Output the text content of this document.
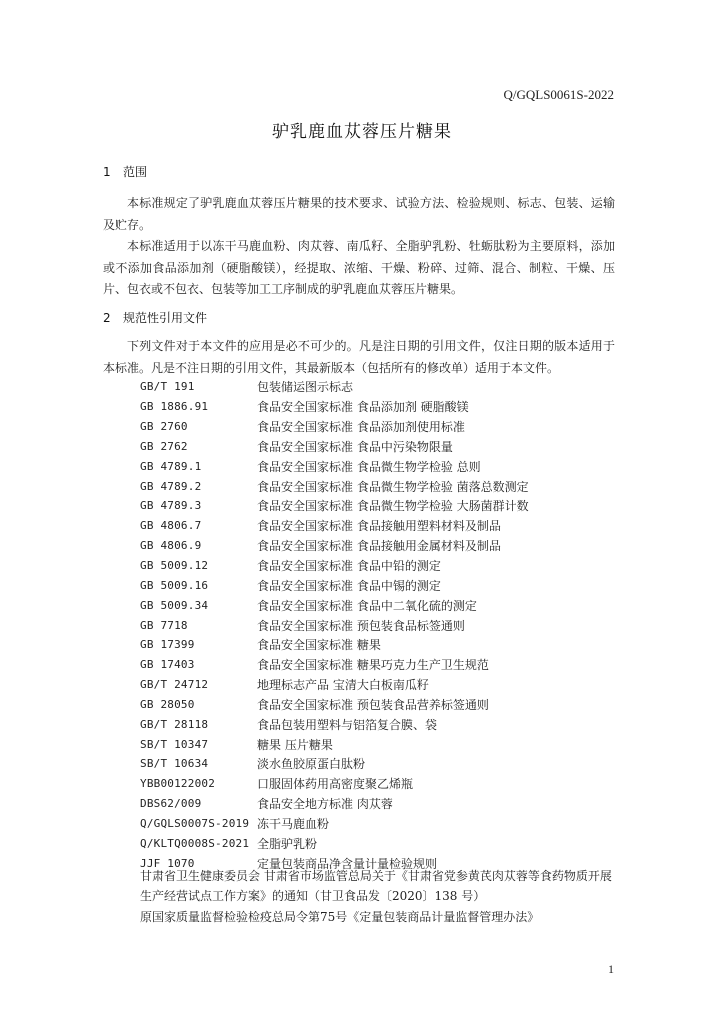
Q/GQLS0061S-2022
驴乳鹿血苁蓉压片糖果
1 范围
本标准规定了驴乳鹿血苁蓉压片糖果的技术要求、试验方法、检验规则、标志、包装、运输及贮存。
本标准适用于以冻干马鹿血粉、肉苁蓉、南瓜籽、全脂驴乳粉、牡蛎肽粉为主要原料，添加或不添加食品添加剂（硬脂酸镁），经提取、浓缩、干燥、粉碎、过筛、混合、制粒、干燥、压片、包衣或不包衣、包装等加工工序制成的驴乳鹿血苁蓉压片糖果。
2 规范性引用文件
下列文件对于本文件的应用是必不可少的。凡是注日期的引用文件，仅注日期的版本适用于本标准。凡是不注日期的引用文件，其最新版本（包括所有的修改单）适用于本文件。
GB/T 191	包装储运图示标志
GB 1886.91	食品安全国家标准 食品添加剂 硬脂酸镁
GB 2760	食品安全国家标准 食品添加剂使用标准
GB 2762	食品安全国家标准 食品中污染物限量
GB 4789.1	食品安全国家标准 食品微生物学检验 总则
GB 4789.2	食品安全国家标准 食品微生物学检验 菌落总数测定
GB 4789.3	食品安全国家标准 食品微生物学检验 大肠菌群计数
GB 4806.7	食品安全国家标准 食品接触用塑料材料及制品
GB 4806.9	食品安全国家标准 食品接触用金属材料及制品
GB 5009.12	食品安全国家标准 食品中铅的测定
GB 5009.16	食品安全国家标准 食品中锡的测定
GB 5009.34	食品安全国家标准 食品中二氧化硫的测定
GB 7718	食品安全国家标准 预包装食品标签通则
GB 17399	食品安全国家标准 糖果
GB 17403	食品安全国家标准 糖果巧克力生产卫生规范
GB/T 24712	地理标志产品 宝清大白板南瓜籽
GB 28050	食品安全国家标准 预包装食品营养标签通则
GB/T 28118	食品包装用塑料与铝箔复合膜、袋
SB/T 10347	糖果 压片糖果
SB/T 10634	淡水鱼胶原蛋白肽粉
YBB00122002	口服固体药用高密度聚乙烯瓶
DBS62/009	食品安全地方标准 肉苁蓉
Q/GQLS0007S-2019 冻干马鹿血粉
Q/KLTQ0008S-2021 全脂驴乳粉
JJF 1070	定量包装商品净含量计量检验规则
甘肃省卫生健康委员会 甘肃省市场监管总局关于《甘肃省党参黄芪肉苁蓉等食药物质开展生产经营试点工作方案》的通知（甘卫食品发〔2020〕138 号）
原国家质量监督检验检疫总局令第75号《定量包装商品计量监督管理办法》
1
